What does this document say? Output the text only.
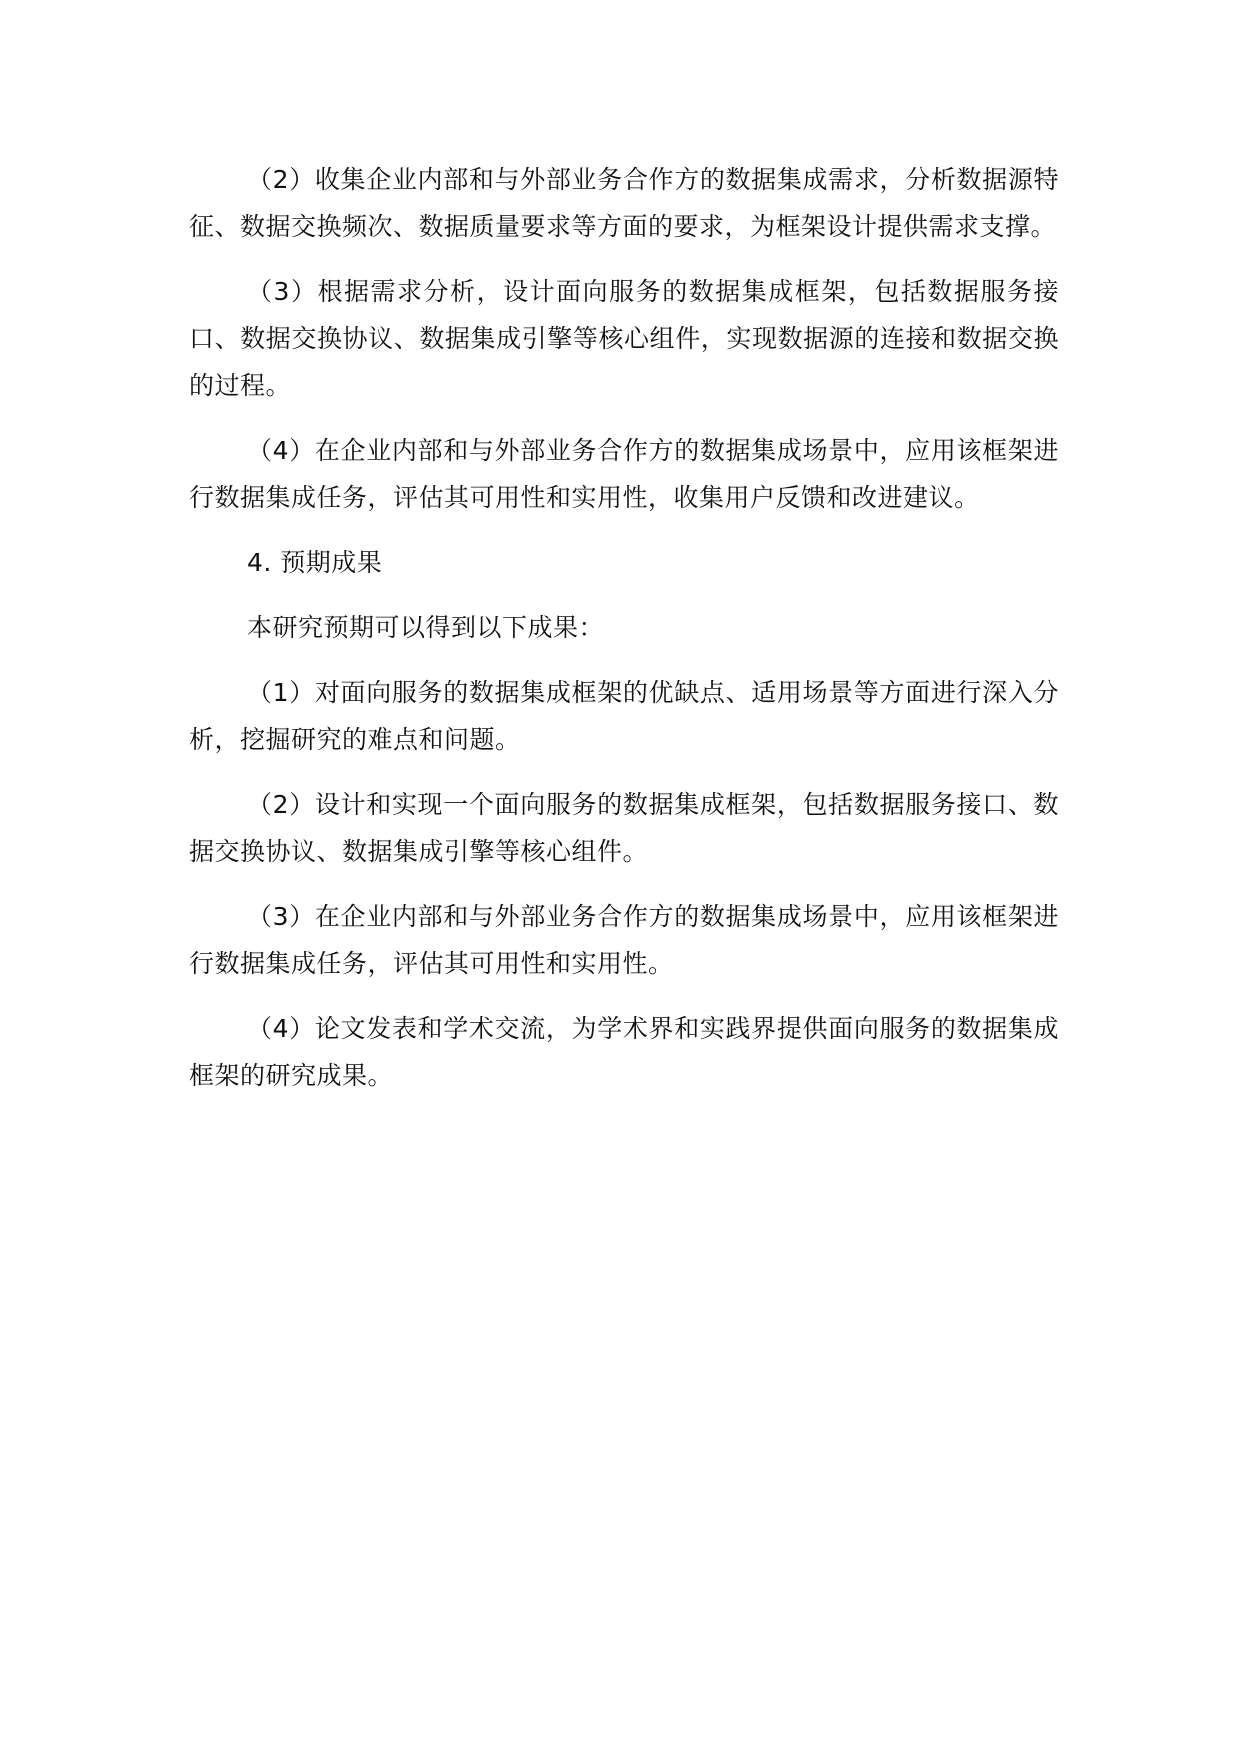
（2）收集企业内部和与外部业务合作方的数据集成需求，分析数据源特征、数据交换频次、数据质量要求等方面的要求，为框架设计提供需求支撑。

（3）根据需求分析，设计面向服务的数据集成框架，包括数据服务接口、数据交换协议、数据集成引擎等核心组件，实现数据源的连接和数据交换的过程。

（4）在企业内部和与外部业务合作方的数据集成场景中，应用该框架进行数据集成任务，评估其可用性和实用性，收集用户反馈和改进建议。

4. 预期成果

本研究预期可以得到以下成果：

（1）对面向服务的数据集成框架的优缺点、适用场景等方面进行深入分析，挖掘研究的难点和问题。

（2）设计和实现一个面向服务的数据集成框架，包括数据服务接口、数据交换协议、数据集成引擎等核心组件。

（3）在企业内部和与外部业务合作方的数据集成场景中，应用该框架进行数据集成任务，评估其可用性和实用性。

（4）论文发表和学术交流，为学术界和实践界提供面向服务的数据集成框架的研究成果。
